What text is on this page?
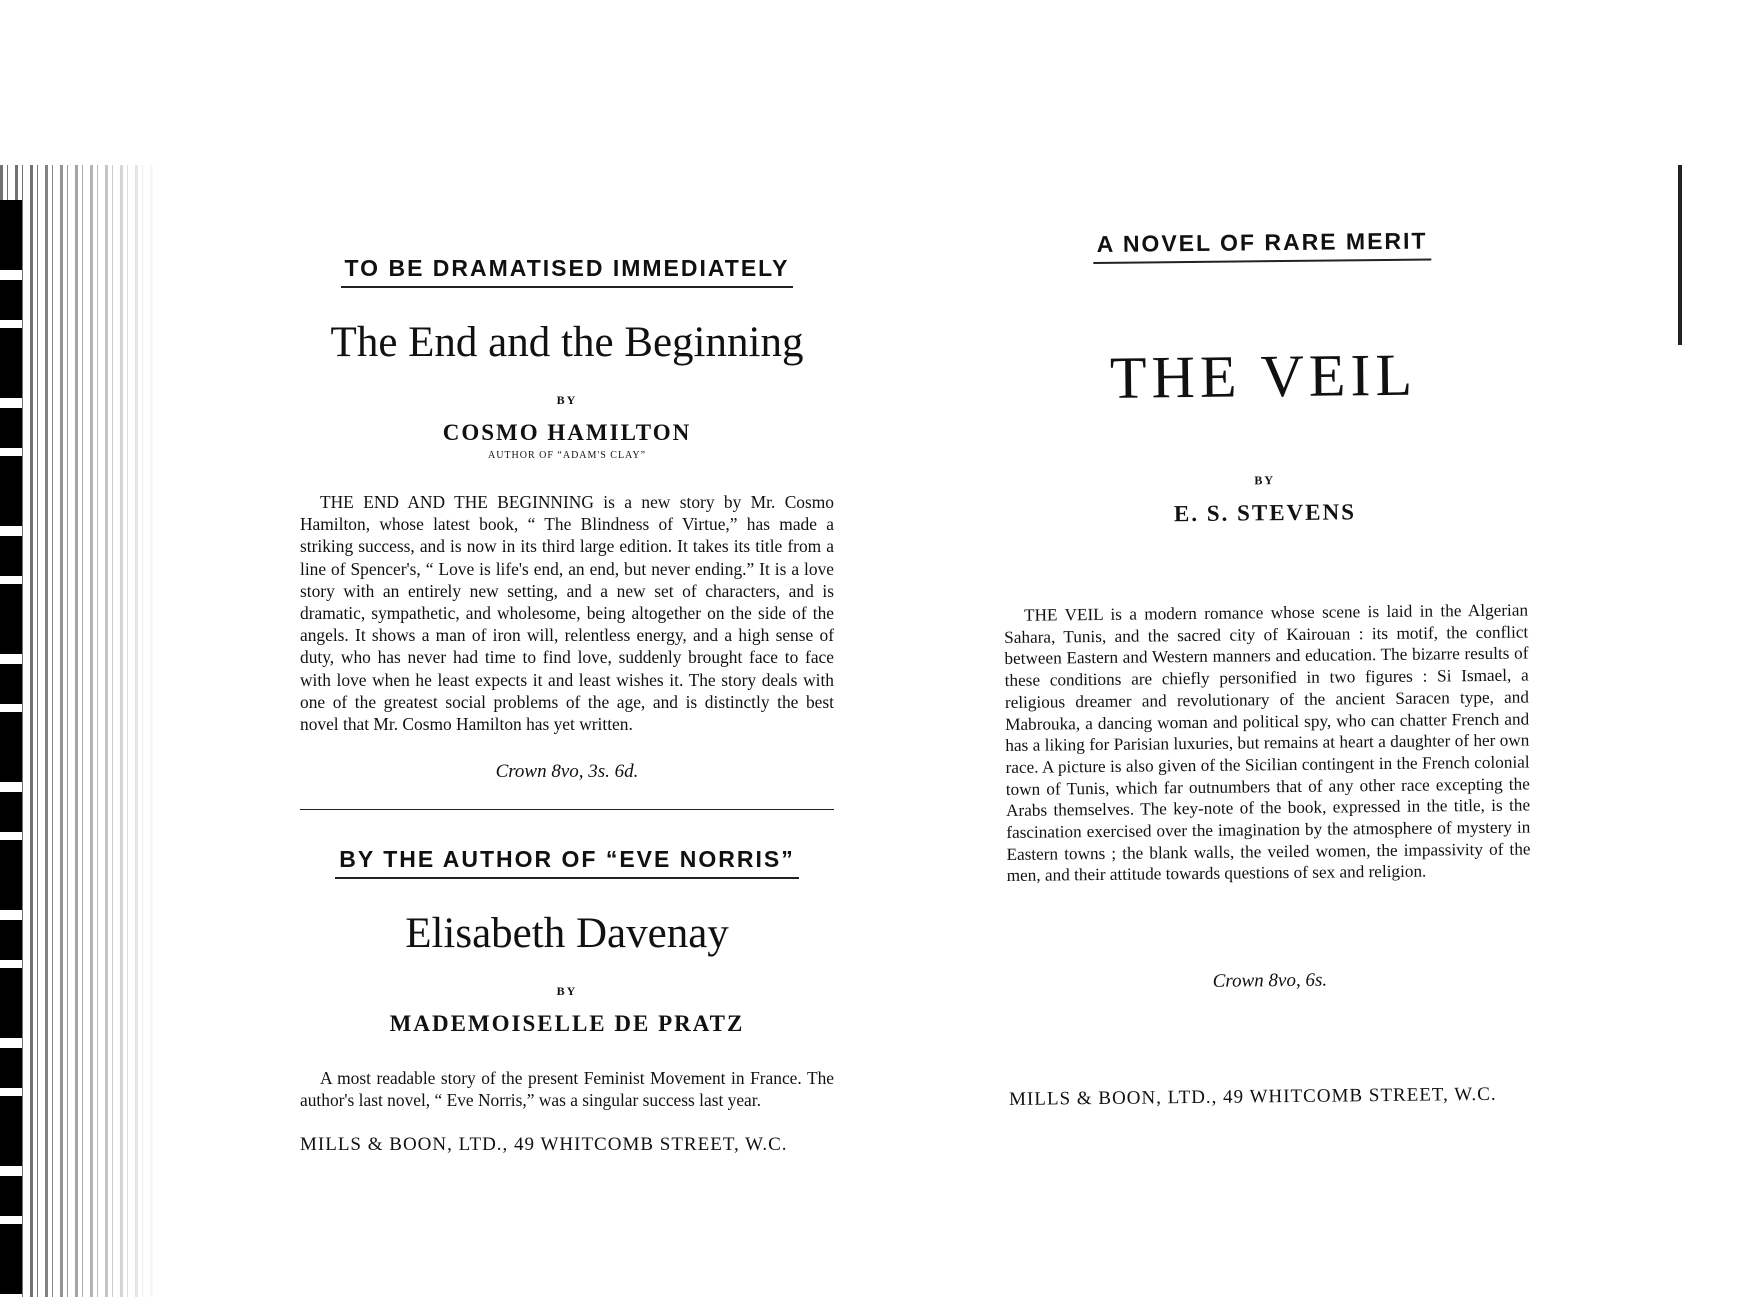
TO BE DRAMATISED IMMEDIATELY
The End and the Beginning
BY
COSMO HAMILTON
AUTHOR OF “ADAM'S CLAY”

THE END AND THE BEGINNING is a new story by Mr. Cosmo Hamilton, whose latest book, “ The Blindness of Virtue,” has made a striking success, and is now in its third large edition. It takes its title from a line of Spencer's, “ Love is life's end, an end, but never ending.” It is a love story with an entirely new setting, and a new set of characters, and is dramatic, sympathetic, and wholesome, being altogether on the side of the angels. It shows a man of iron will, relentless energy, and a high sense of duty, who has never had time to find love, suddenly brought face to face with love when he least expects it and least wishes it. The story deals with one of the greatest social problems of the age, and is distinctly the best novel that Mr. Cosmo Hamilton has yet written.

Crown 8vo, 3s. 6d.
BY THE AUTHOR OF “EVE NORRIS”
Elisabeth Davenay
BY
MADEMOISELLE DE PRATZ

A most readable story of the present Feminist Movement in France. The author's last novel, “ Eve Norris,” was a singular success last year.

MILLS & BOON, LTD., 49 WHITCOMB STREET, W.C.
A NOVEL OF RARE MERIT
THE VEIL
BY
E. S. STEVENS

THE VEIL is a modern romance whose scene is laid in the Algerian Sahara, Tunis, and the sacred city of Kairouan : its motif, the conflict between Eastern and Western manners and education. The bizarre results of these conditions are chiefly personified in two figures : Si Ismael, a religious dreamer and revolutionary of the ancient Saracen type, and Mabrouka, a dancing woman and political spy, who can chatter French and has a liking for Parisian luxuries, but remains at heart a daughter of her own race. A picture is also given of the Sicilian contingent in the French colonial town of Tunis, which far outnumbers that of any other race excepting the Arabs themselves. The key-note of the book, expressed in the title, is the fascination exercised over the imagination by the atmosphere of mystery in Eastern towns ; the blank walls, the veiled women, the impassivity of the men, and their attitude towards questions of sex and religion.

Crown 8vo, 6s.
MILLS & BOON, LTD., 49 WHITCOMB STREET, W.C.
